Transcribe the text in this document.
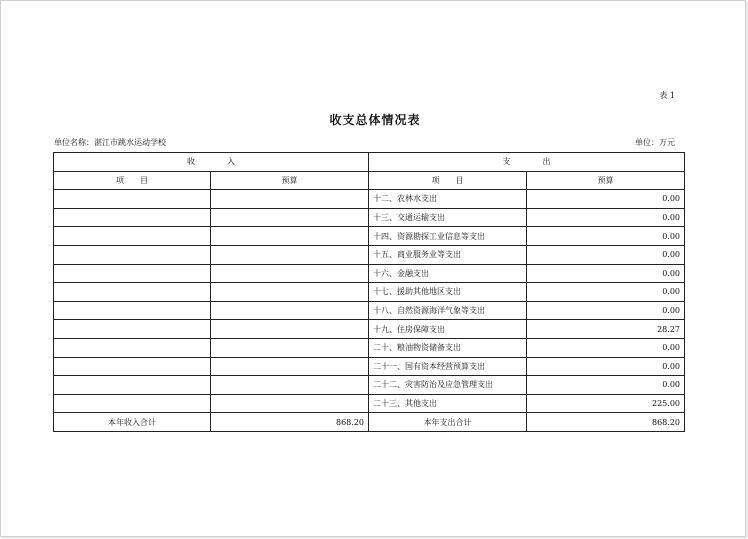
表 1
收支总体情况表
单位名称：湛江市跳水运动学校	单位：万元
收　　　　入		支　　　　出	
项　　目	预算	项　　目	预算
		十二、农林水支出	0.00
		十三、交通运输支出	0.00
		十四、资源勘探工业信息等支出	0.00
		十五、商业服务业等支出	0.00
		十六、金融支出	0.00
		十七、援助其他地区支出	0.00
		十八、自然资源海洋气象等支出	0.00
		十九、住房保障支出	28.27
		二十、粮油物资储备支出	0.00
		二十一、国有资本经营预算支出	0.00
		二十二、灾害防治及应急管理支出	0.00
		二十三、其他支出	225.00
本年收入合计	868.20	本年支出合计	868.20
